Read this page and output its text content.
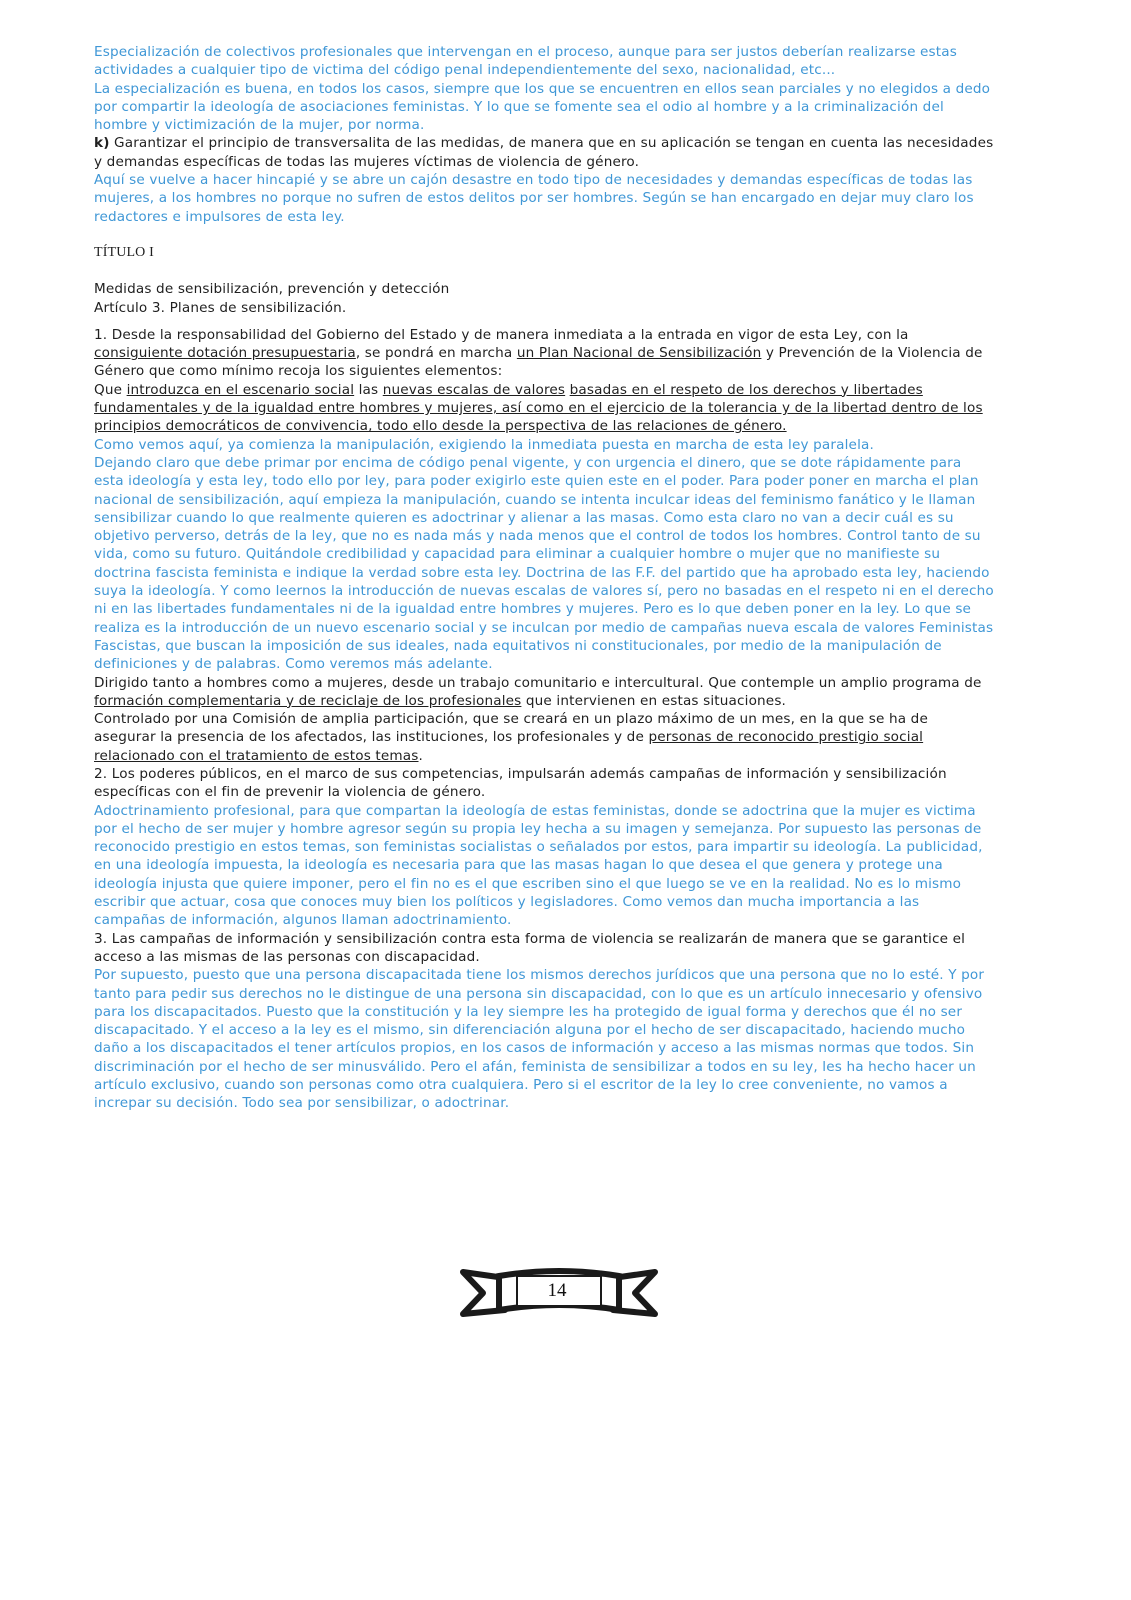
Especialización de colectivos profesionales que intervengan en el proceso, aunque para ser justos deberían realizarse estas actividades a cualquier tipo de victima del código penal independientemente del sexo, nacionalidad, etc...

La especialización es buena, en todos los casos, siempre que los que se encuentren en ellos sean parciales y no elegidos a dedo por compartir la ideología de asociaciones feministas. Y lo que se fomente sea el odio al hombre y a la criminalización del hombre y victimización de la mujer, por norma.

k) Garantizar el principio de transversalita de las medidas, de manera que en su aplicación se tengan en cuenta las necesidades y demandas específicas de todas las mujeres víctimas de violencia de género.

Aquí se vuelve a hacer hincapié y se abre un cajón desastre en todo tipo de necesidades y demandas específicas de todas las mujeres, a los hombres no porque no sufren de estos delitos por ser hombres. Según se han encargado en dejar muy claro los redactores e impulsores de esta ley.

TÍTULO I

Medidas de sensibilización, prevención y detección

Artículo 3. Planes de sensibilización.

1. Desde la responsabilidad del Gobierno del Estado y de manera inmediata a la entrada en vigor de esta Ley, con la consiguiente dotación presupuestaria, se pondrá en marcha un Plan Nacional de Sensibilización y Prevención de la Violencia de Género que como mínimo recoja los siguientes elementos:
Que introduzca en el escenario social las nuevas escalas de valores basadas en el respeto de los derechos y libertades fundamentales y de la igualdad entre hombres y mujeres, así como en el ejercicio de la tolerancia y de la libertad dentro de los principios democráticos de convivencia, todo ello desde la perspectiva de las relaciones de género.

Como vemos aquí, ya comienza la manipulación, exigiendo la inmediata puesta en marcha de esta ley paralela.

Dejando claro que debe primar por encima de código penal vigente, y con urgencia el dinero, que se dote rápidamente para esta ideología y esta ley, todo ello por ley, para poder exigirlo este quien este en el poder. Para poder poner en marcha el plan nacional de sensibilización, aquí empieza la manipulación, cuando se intenta inculcar ideas del feminismo fanático y le llaman sensibilizar cuando lo que realmente quieren es adoctrinar y alienar a las masas. Como esta claro no van a decir cuál es su objetivo perverso, detrás de la ley, que no es nada más y nada menos que el control de todos los hombres. Control tanto de su vida, como su futuro. Quitándole credibilidad y capacidad para eliminar a cualquier hombre o mujer que no manifieste su doctrina fascista feminista e indique la verdad sobre esta ley. Doctrina de las F.F. del partido que ha aprobado esta ley, haciendo suya la ideología. Y como leernos la introducción de nuevas escalas de valores sí, pero no basadas en el respeto ni en el derecho ni en las libertades fundamentales ni de la igualdad entre hombres y mujeres. Pero es lo que deben poner en la ley. Lo que se realiza es la introducción de un nuevo escenario social y se inculcan por medio de campañas nueva escala de valores Feministas Fascistas, que buscan la imposición de sus ideales, nada equitativos ni constitucionales, por medio de la manipulación de definiciones y de palabras. Como veremos más adelante.

Dirigido tanto a hombres como a mujeres, desde un trabajo comunitario e intercultural. Que contemple un amplio programa de formación complementaria y de reciclaje de los profesionales que intervienen en estas situaciones.

Controlado por una Comisión de amplia participación, que se creará en un plazo máximo de un mes, en la que se ha de asegurar la presencia de los afectados, las instituciones, los profesionales y de personas de reconocido prestigio social relacionado con el tratamiento de estos temas.

2. Los poderes públicos, en el marco de sus competencias, impulsarán además campañas de información y sensibilización específicas con el fin de prevenir la violencia de género.

Adoctrinamiento profesional, para que compartan la ideología de estas feministas, donde se adoctrina que la mujer es victima por el hecho de ser mujer y hombre agresor según su propia ley hecha a su imagen y semejanza. Por supuesto las personas de reconocido prestigio en estos temas, son feministas socialistas o señalados por estos, para impartir su ideología. La publicidad, en una ideología impuesta, la ideología es necesaria para que las masas hagan lo que desea el que genera y protege una ideología injusta que quiere imponer, pero el fin no es el que escriben sino el que luego se ve en la realidad. No es lo mismo escribir que actuar, cosa que conoces muy bien los políticos y legisladores. Como vemos dan mucha importancia a las campañas de información, algunos llaman adoctrinamiento.

3. Las campañas de información y sensibilización contra esta forma de violencia se realizarán de manera que se garantice el acceso a las mismas de las personas con discapacidad.

Por supuesto, puesto que una persona discapacitada tiene los mismos derechos jurídicos que una persona que no lo esté. Y por tanto para pedir sus derechos no le distingue de una persona sin discapacidad, con lo que es un artículo innecesario y ofensivo para los discapacitados. Puesto que la constitución y la ley siempre les ha protegido de igual forma y derechos que él no ser discapacitado. Y el acceso a la ley es el mismo, sin diferenciación alguna por el hecho de ser discapacitado, haciendo mucho daño a los discapacitados el tener artículos propios, en los casos de información y acceso a las mismas normas que todos. Sin discriminación por el hecho de ser minusválido. Pero el afán, feminista de sensibilizar a todos en su ley, les ha hecho hacer un artículo exclusivo, cuando son personas como otra cualquiera. Pero si el escritor de la ley lo cree conveniente, no vamos a increpar su decisión. Todo sea por sensibilizar, o adoctrinar.

14
